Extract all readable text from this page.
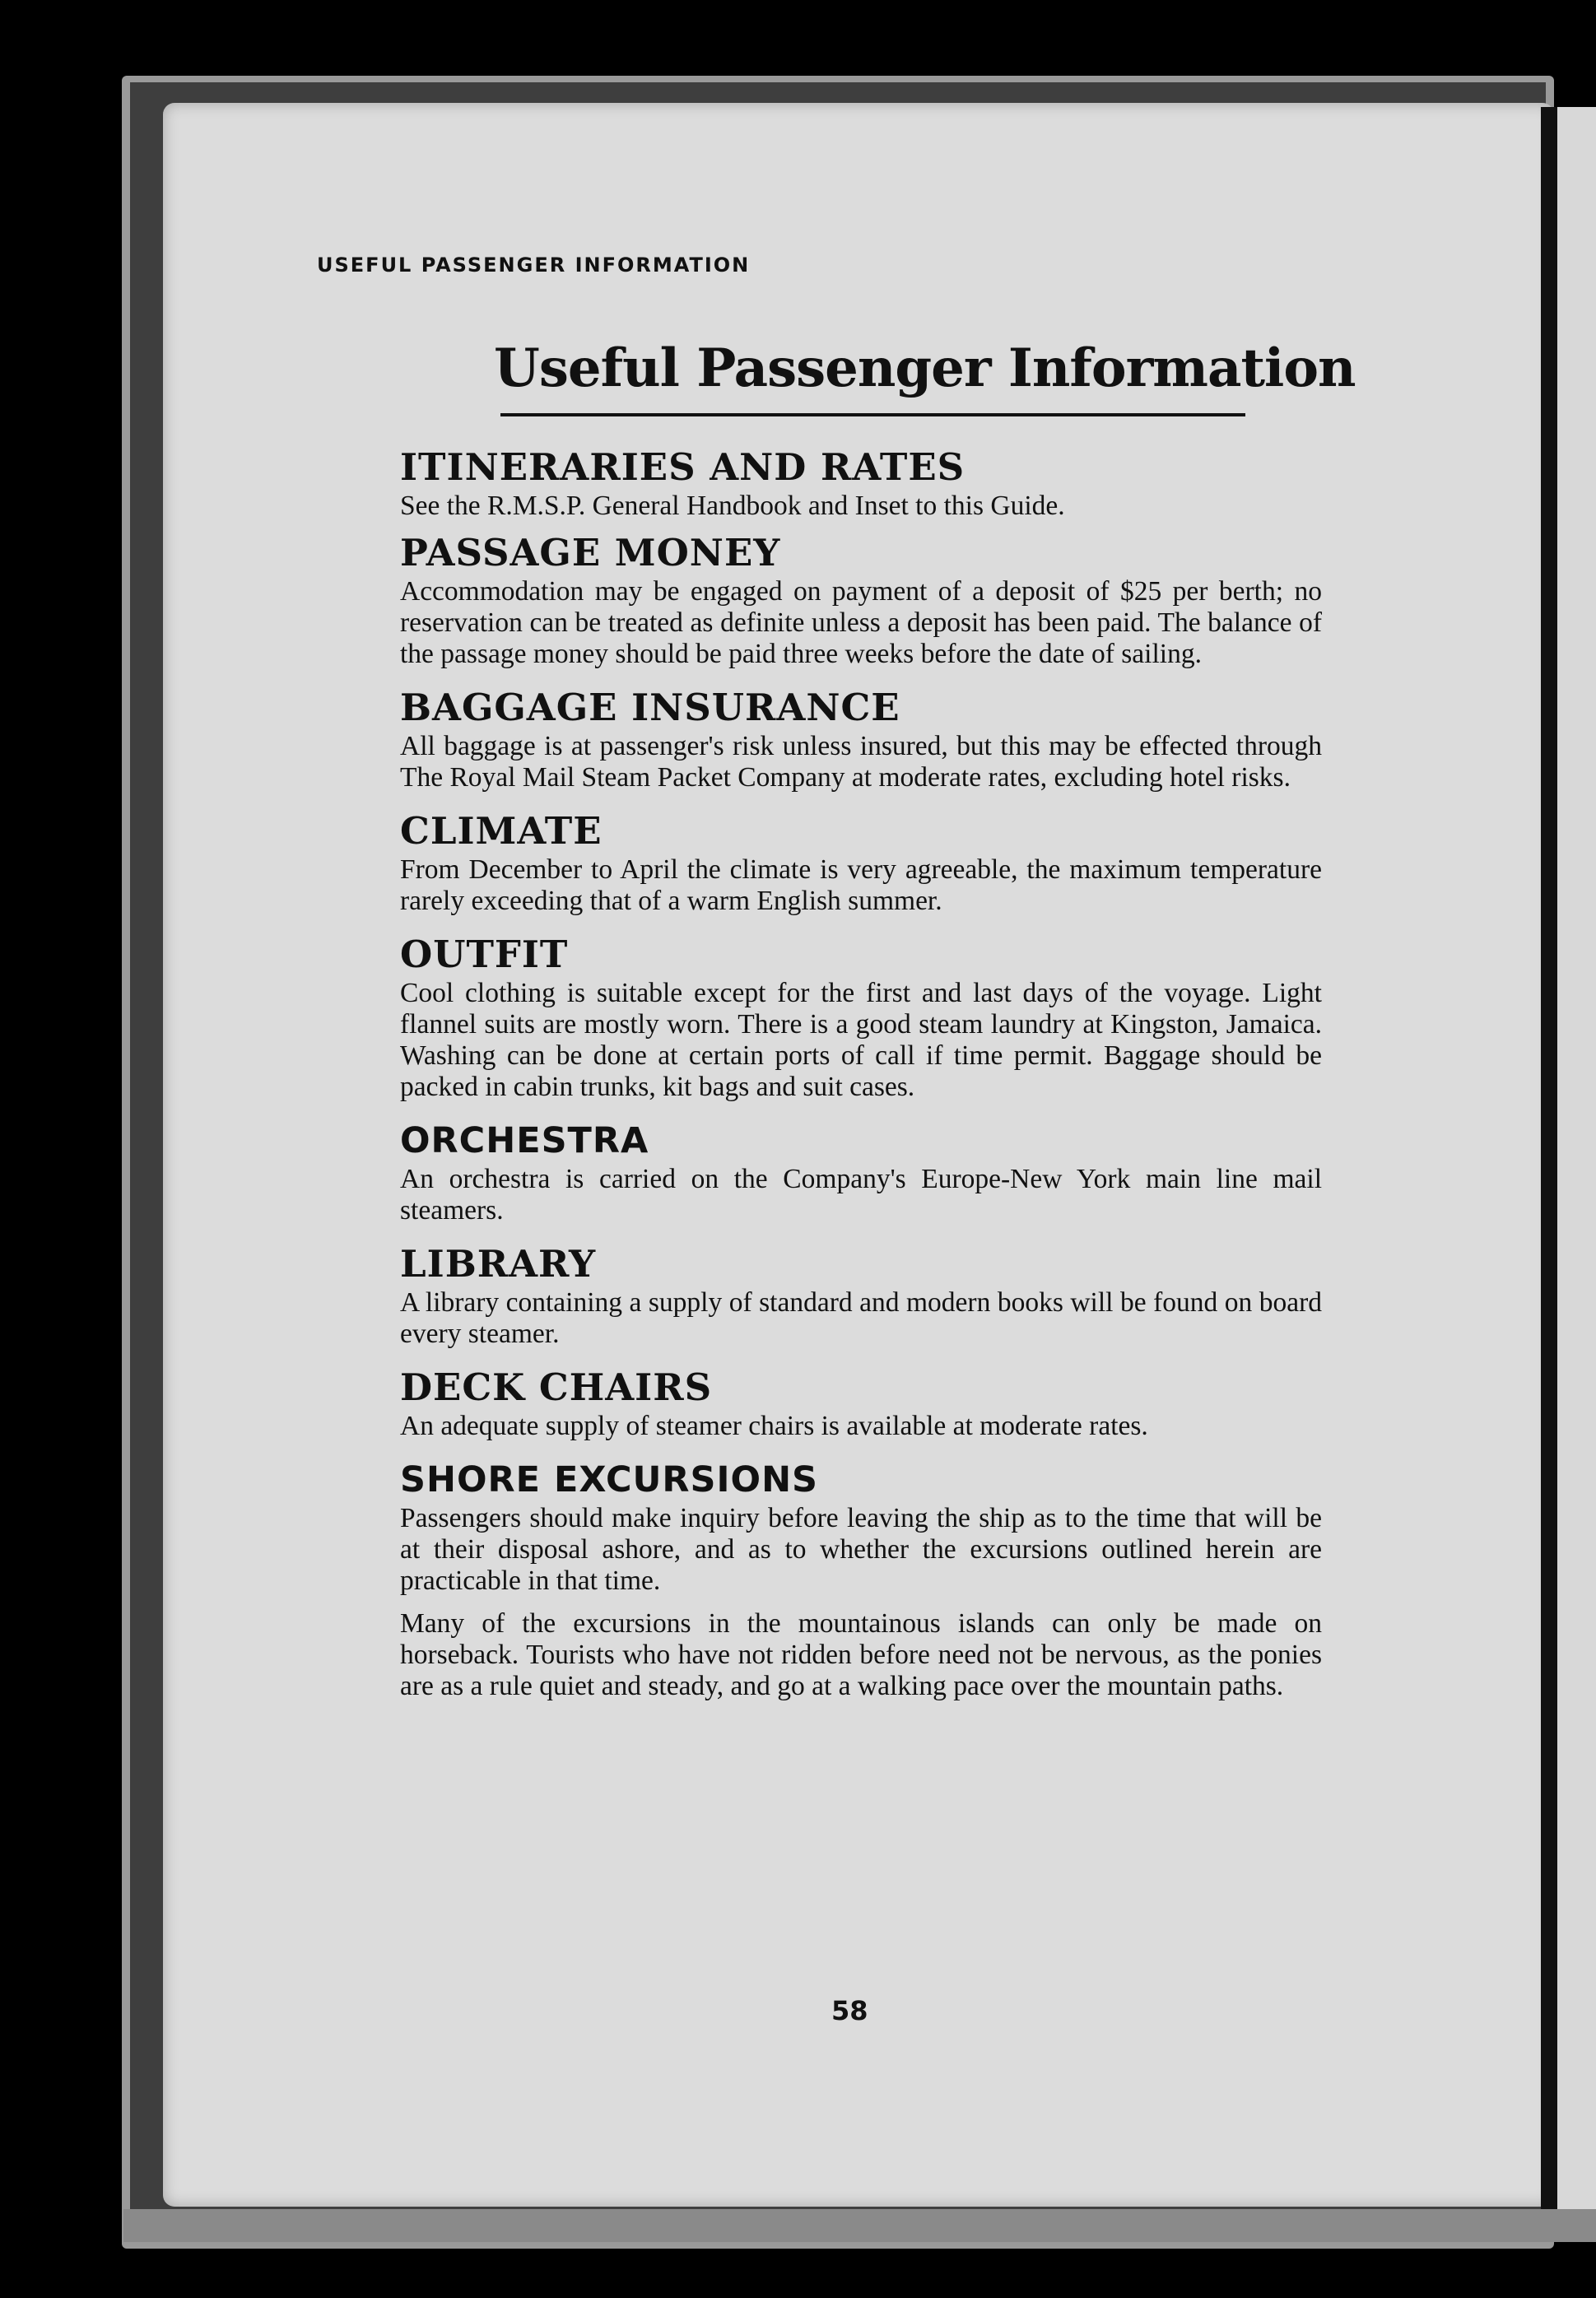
USEFUL PASSENGER INFORMATION
Useful Passenger Information
ITINERARIES AND RATES

See the R.M.S.P. General Handbook and Inset to this Guide.

PASSAGE MONEY

Accommodation may be engaged on payment of a deposit of $25 per berth; no reservation can be treated as definite unless a deposit has been paid. The balance of the passage money should be paid three weeks before the date of sailing.

BAGGAGE INSURANCE

All baggage is at passenger's risk unless insured, but this may be effected through The Royal Mail Steam Packet Company at moderate rates, excluding hotel risks.

CLIMATE

From December to April the climate is very agreeable, the maximum temperature rarely exceeding that of a warm English summer.

OUTFIT

Cool clothing is suitable except for the first and last days of the voyage. Light flannel suits are mostly worn. There is a good steam laundry at Kingston, Jamaica. Washing can be done at certain ports of call if time permit. Baggage should be packed in cabin trunks, kit bags and suit cases.

ORCHESTRA

An orchestra is carried on the Company's Europe-New York main line mail steamers.

LIBRARY

A library containing a supply of standard and modern books will be found on board every steamer.

DECK CHAIRS

An adequate supply of steamer chairs is available at moderate rates.

SHORE EXCURSIONS

Passengers should make inquiry before leaving the ship as to the time that will be at their disposal ashore, and as to whether the excursions outlined herein are practicable in that time.

Many of the excursions in the mountainous islands can only be made on horseback. Tourists who have not ridden before need not be nervous, as the ponies are as a rule quiet and steady, and go at a walking pace over the mountain paths.

58
